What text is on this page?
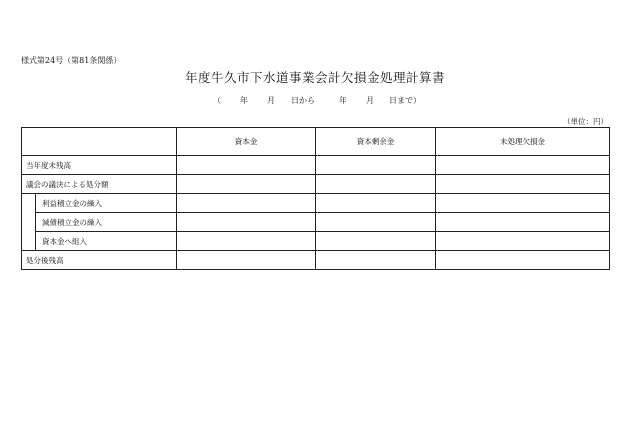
様式第24号（第81条関係）
年度牛久市下水道事業会計欠損金処理計算書
（ 年 月 日から	年 月 日まで）
（単位：円）
		資本金	資本剰余金	未処理欠損金
当年度末残高				
議会の議決による処分額				
	利益積立金の繰入			
	減債積立金の繰入			
	資本金へ組入			
処分後残高				
